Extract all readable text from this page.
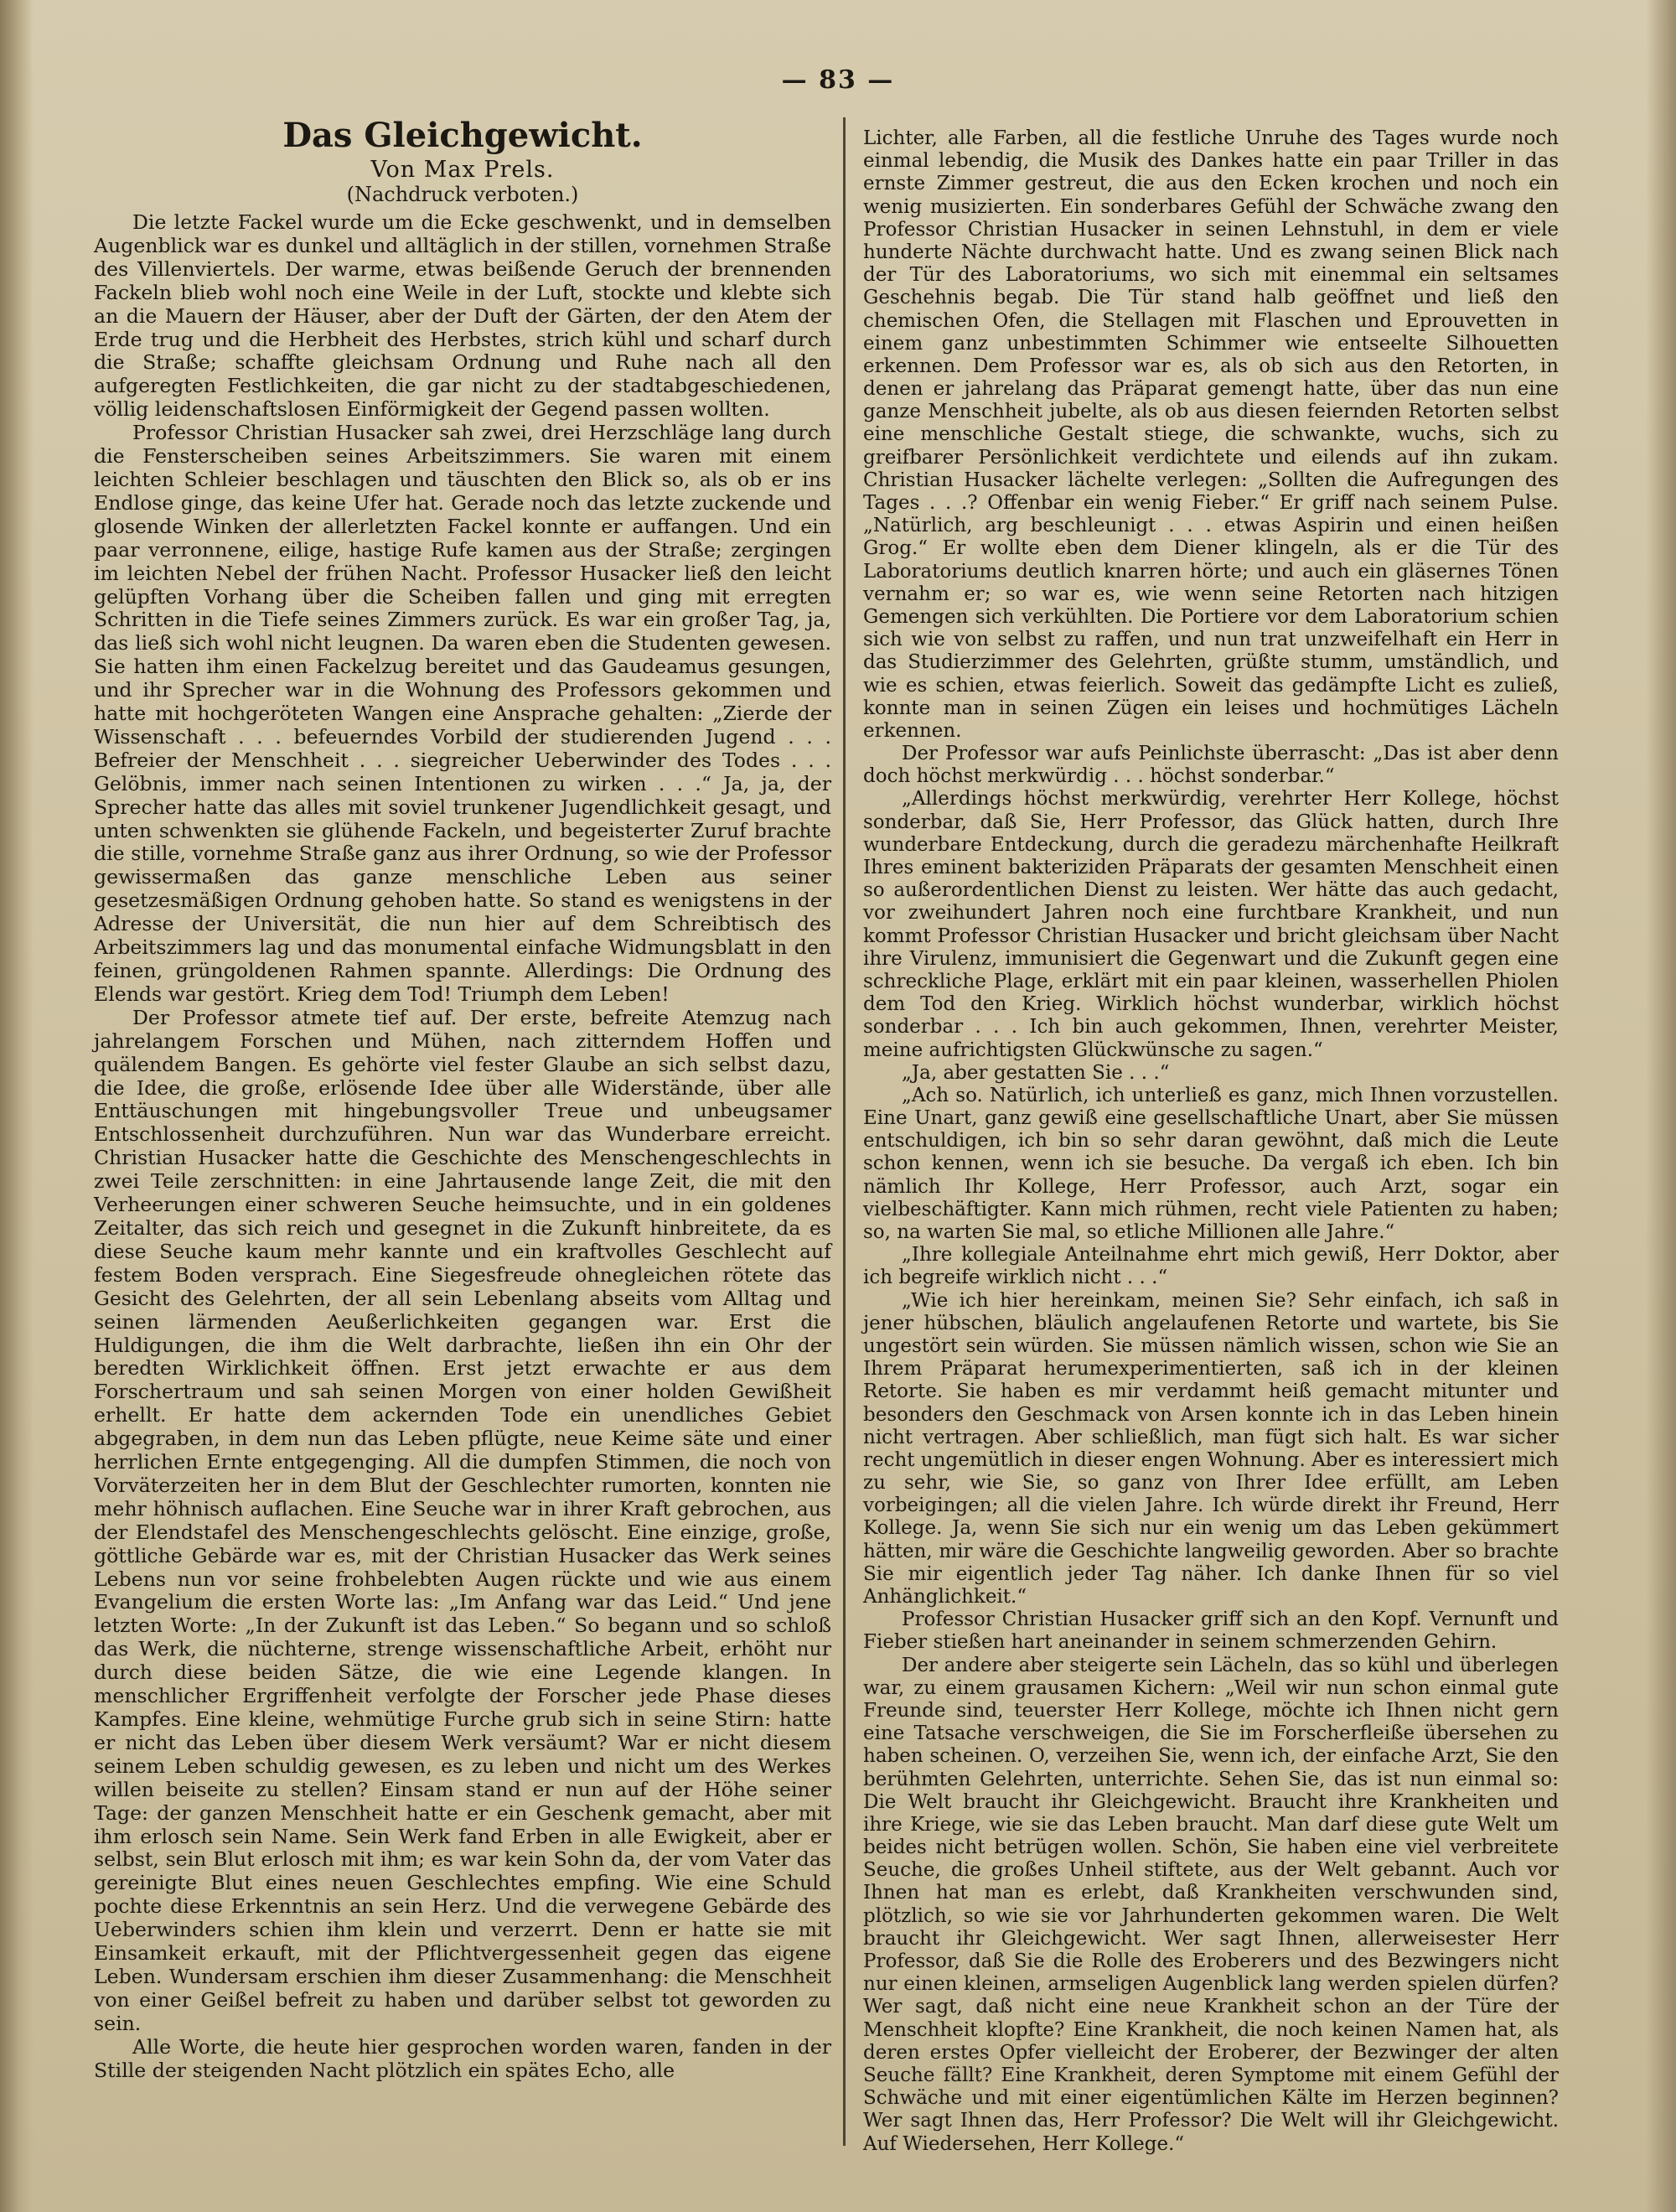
— 83 —
Das Gleichgewicht.

Von Max Prels.

(Nachdruck verboten.)

Die letzte Fackel wurde um die Ecke geschwenkt, und in demselben Augenblick war es dunkel und alltäglich in der stillen, vornehmen Straße des Villenviertels. Der warme, etwas beißende Geruch der brennenden Fackeln blieb wohl noch eine Weile in der Luft, stockte und klebte sich an die Mauern der Häuser, aber der Duft der Gärten, der den Atem der Erde trug und die Herbheit des Herbstes, strich kühl und scharf durch die Straße; schaffte gleichsam Ordnung und Ruhe nach all den aufgeregten Festlichkeiten, die gar nicht zu der stadtabgeschiedenen, völlig leidenschaftslosen Einförmigkeit der Gegend passen wollten.

Professor Christian Husacker sah zwei, drei Herzschläge lang durch die Fensterscheiben seines Arbeitszimmers. Sie waren mit einem leichten Schleier beschlagen und täuschten den Blick so, als ob er ins Endlose ginge, das keine Ufer hat. Gerade noch das letzte zuckende und glosende Winken der allerletzten Fackel konnte er auffangen. Und ein paar verronnene, eilige, hastige Rufe kamen aus der Straße; zergingen im leichten Nebel der frühen Nacht. Professor Husacker ließ den leicht gelüpften Vorhang über die Scheiben fallen und ging mit erregten Schritten in die Tiefe seines Zimmers zurück. Es war ein großer Tag, ja, das ließ sich wohl nicht leugnen. Da waren eben die Studenten gewesen. Sie hatten ihm einen Fackelzug bereitet und das Gaudeamus gesungen, und ihr Sprecher war in die Wohnung des Professors gekommen und hatte mit hochgeröteten Wangen eine Ansprache gehalten: „Zierde der Wissenschaft . . . befeuerndes Vorbild der studierenden Jugend . . . Befreier der Menschheit . . . siegreicher Ueberwinder des Todes . . . Gelöbnis, immer nach seinen Intentionen zu wirken . . .“ Ja, ja, der Sprecher hatte das alles mit soviel trunkener Jugendlichkeit gesagt, und unten schwenkten sie glühende Fackeln, und begeisterter Zuruf brachte die stille, vornehme Straße ganz aus ihrer Ordnung, so wie der Professor gewissermaßen das ganze menschliche Leben aus seiner gesetzesmäßigen Ordnung gehoben hatte. So stand es wenigstens in der Adresse der Universität, die nun hier auf dem Schreibtisch des Arbeitszimmers lag und das monumental einfache Widmungsblatt in den feinen, grüngoldenen Rahmen spannte. Allerdings: Die Ordnung des Elends war gestört. Krieg dem Tod! Triumph dem Leben!

Der Professor atmete tief auf. Der erste, befreite Atemzug nach jahrelangem Forschen und Mühen, nach zitterndem Hoffen und quälendem Bangen. Es gehörte viel fester Glaube an sich selbst dazu, die Idee, die große, erlösende Idee über alle Widerstände, über alle Enttäuschungen mit hingebungsvoller Treue und unbeugsamer Entschlossenheit durchzuführen. Nun war das Wunderbare erreicht. Christian Husacker hatte die Geschichte des Menschengeschlechts in zwei Teile zerschnitten: in eine Jahrtausende lange Zeit, die mit den Verheerungen einer schweren Seuche heimsuchte, und in ein goldenes Zeitalter, das sich reich und gesegnet in die Zukunft hinbreitete, da es diese Seuche kaum mehr kannte und ein kraftvolles Geschlecht auf festem Boden versprach. Eine Siegesfreude ohnegleichen rötete das Gesicht des Gelehrten, der all sein Lebenlang abseits vom Alltag und seinen lärmenden Aeußerlichkeiten gegangen war. Erst die Huldigungen, die ihm die Welt darbrachte, ließen ihn ein Ohr der beredten Wirklichkeit öffnen. Erst jetzt erwachte er aus dem Forschertraum und sah seinen Morgen von einer holden Gewißheit erhellt. Er hatte dem ackernden Tode ein unendliches Gebiet abgegraben, in dem nun das Leben pflügte, neue Keime säte und einer herrlichen Ernte entgegenging. All die dumpfen Stimmen, die noch von Vorväterzeiten her in dem Blut der Geschlechter rumorten, konnten nie mehr höhnisch auflachen. Eine Seuche war in ihrer Kraft gebrochen, aus der Elendstafel des Menschengeschlechts gelöscht. Eine einzige, große, göttliche Gebärde war es, mit der Christian Husacker das Werk seines Lebens nun vor seine frohbelebten Augen rückte und wie aus einem Evangelium die ersten Worte las: „Im Anfang war das Leid.“ Und jene letzten Worte: „In der Zukunft ist das Leben.“ So begann und so schloß das Werk, die nüchterne, strenge wissenschaftliche Arbeit, erhöht nur durch diese beiden Sätze, die wie eine Legende klangen. In menschlicher Ergriffenheit verfolgte der Forscher jede Phase dieses Kampfes. Eine kleine, wehmütige Furche grub sich in seine Stirn: hatte er nicht das Leben über diesem Werk versäumt? War er nicht diesem seinem Leben schuldig gewesen, es zu leben und nicht um des Werkes willen beiseite zu stellen? Einsam stand er nun auf der Höhe seiner Tage: der ganzen Menschheit hatte er ein Geschenk gemacht, aber mit ihm erlosch sein Name. Sein Werk fand Erben in alle Ewigkeit, aber er selbst, sein Blut erlosch mit ihm; es war kein Sohn da, der vom Vater das gereinigte Blut eines neuen Geschlechtes empfing. Wie eine Schuld pochte diese Erkenntnis an sein Herz. Und die verwegene Gebärde des Ueberwinders schien ihm klein und verzerrt. Denn er hatte sie mit Einsamkeit erkauft, mit der Pflichtvergessenheit gegen das eigene Leben. Wundersam erschien ihm dieser Zusammenhang: die Menschheit von einer Geißel befreit zu haben und darüber selbst tot geworden zu sein.

Alle Worte, die heute hier gesprochen worden waren, fanden in der Stille der steigenden Nacht plötzlich ein spätes Echo, alle

Lichter, alle Farben, all die festliche Unruhe des Tages wurde noch einmal lebendig, die Musik des Dankes hatte ein paar Triller in das ernste Zimmer gestreut, die aus den Ecken krochen und noch ein wenig musizierten. Ein sonderbares Gefühl der Schwäche zwang den Professor Christian Husacker in seinen Lehnstuhl, in dem er viele hunderte Nächte durchwacht hatte. Und es zwang seinen Blick nach der Tür des Laboratoriums, wo sich mit einemmal ein seltsames Geschehnis begab. Die Tür stand halb geöffnet und ließ den chemischen Ofen, die Stellagen mit Flaschen und Eprouvetten in einem ganz unbestimmten Schimmer wie entseelte Silhouetten erkennen. Dem Professor war es, als ob sich aus den Retorten, in denen er jahrelang das Präparat gemengt hatte, über das nun eine ganze Menschheit jubelte, als ob aus diesen feiernden Retorten selbst eine menschliche Gestalt stiege, die schwankte, wuchs, sich zu greifbarer Persönlichkeit verdichtete und eilends auf ihn zukam. Christian Husacker lächelte verlegen: „Sollten die Aufregungen des Tages . . .? Offenbar ein wenig Fieber.“ Er griff nach seinem Pulse. „Natürlich, arg beschleunigt . . . etwas Aspirin und einen heißen Grog.“ Er wollte eben dem Diener klingeln, als er die Tür des Laboratoriums deutlich knarren hörte; und auch ein gläsernes Tönen vernahm er; so war es, wie wenn seine Retorten nach hitzigen Gemengen sich verkühlten. Die Portiere vor dem Laboratorium schien sich wie von selbst zu raffen, und nun trat unzweifelhaft ein Herr in das Studierzimmer des Gelehrten, grüßte stumm, umständlich, und wie es schien, etwas feierlich. Soweit das gedämpfte Licht es zuließ, konnte man in seinen Zügen ein leises und hochmütiges Lächeln erkennen.

Der Professor war aufs Peinlichste überrascht: „Das ist aber denn doch höchst merkwürdig . . . höchst sonderbar.“

„Allerdings höchst merkwürdig, verehrter Herr Kollege, höchst sonderbar, daß Sie, Herr Professor, das Glück hatten, durch Ihre wunderbare Entdeckung, durch die geradezu märchenhafte Heilkraft Ihres eminent bakteriziden Präparats der gesamten Menschheit einen so außerordentlichen Dienst zu leisten. Wer hätte das auch gedacht, vor zweihundert Jahren noch eine furchtbare Krankheit, und nun kommt Professor Christian Husacker und bricht gleichsam über Nacht ihre Virulenz, immunisiert die Gegenwart und die Zukunft gegen eine schreckliche Plage, erklärt mit ein paar kleinen, wasserhellen Phiolen dem Tod den Krieg. Wirklich höchst wunderbar, wirklich höchst sonderbar . . . Ich bin auch gekommen, Ihnen, verehrter Meister, meine aufrichtigsten Glückwünsche zu sagen.“

„Ja, aber gestatten Sie . . .“

„Ach so. Natürlich, ich unterließ es ganz, mich Ihnen vorzustellen. Eine Unart, ganz gewiß eine gesellschaftliche Unart, aber Sie müssen entschuldigen, ich bin so sehr daran gewöhnt, daß mich die Leute schon kennen, wenn ich sie besuche. Da vergaß ich eben. Ich bin nämlich Ihr Kollege, Herr Professor, auch Arzt, sogar ein vielbeschäftigter. Kann mich rühmen, recht viele Patienten zu haben; so, na warten Sie mal, so etliche Millionen alle Jahre.“

„Ihre kollegiale Anteilnahme ehrt mich gewiß, Herr Doktor, aber ich begreife wirklich nicht . . .“

„Wie ich hier hereinkam, meinen Sie? Sehr einfach, ich saß in jener hübschen, bläulich angelaufenen Retorte und wartete, bis Sie ungestört sein würden. Sie müssen nämlich wissen, schon wie Sie an Ihrem Präparat herumexperimentierten, saß ich in der kleinen Retorte. Sie haben es mir verdammt heiß gemacht mitunter und besonders den Geschmack von Arsen konnte ich in das Leben hinein nicht vertragen. Aber schließlich, man fügt sich halt. Es war sicher recht ungemütlich in dieser engen Wohnung. Aber es interessiert mich zu sehr, wie Sie, so ganz von Ihrer Idee erfüllt, am Leben vorbeigingen; all die vielen Jahre. Ich würde direkt ihr Freund, Herr Kollege. Ja, wenn Sie sich nur ein wenig um das Leben gekümmert hätten, mir wäre die Geschichte langweilig geworden. Aber so brachte Sie mir eigentlich jeder Tag näher. Ich danke Ihnen für so viel Anhänglichkeit.“

Professor Christian Husacker griff sich an den Kopf. Vernunft und Fieber stießen hart aneinander in seinem schmerzenden Gehirn.

Der andere aber steigerte sein Lächeln, das so kühl und überlegen war, zu einem grausamen Kichern: „Weil wir nun schon einmal gute Freunde sind, teuerster Herr Kollege, möchte ich Ihnen nicht gern eine Tatsache verschweigen, die Sie im Forscherfleiße übersehen zu haben scheinen. O, verzeihen Sie, wenn ich, der einfache Arzt, Sie den berühmten Gelehrten, unterrichte. Sehen Sie, das ist nun einmal so: Die Welt braucht ihr Gleichgewicht. Braucht ihre Krankheiten und ihre Kriege, wie sie das Leben braucht. Man darf diese gute Welt um beides nicht betrügen wollen. Schön, Sie haben eine viel verbreitete Seuche, die großes Unheil stiftete, aus der Welt gebannt. Auch vor Ihnen hat man es erlebt, daß Krankheiten verschwunden sind, plötzlich, so wie sie vor Jahrhunderten gekommen waren. Die Welt braucht ihr Gleichgewicht. Wer sagt Ihnen, allerweisester Herr Professor, daß Sie die Rolle des Eroberers und des Bezwingers nicht nur einen kleinen, armseligen Augenblick lang werden spielen dürfen? Wer sagt, daß nicht eine neue Krankheit schon an der Türe der Menschheit klopfte? Eine Krankheit, die noch keinen Namen hat, als deren erstes Opfer vielleicht der Eroberer, der Bezwinger der alten Seuche fällt? Eine Krankheit, deren Symptome mit einem Gefühl der Schwäche und mit einer eigentümlichen Kälte im Herzen beginnen? Wer sagt Ihnen das, Herr Professor? Die Welt will ihr Gleichgewicht. Auf Wiedersehen, Herr Kollege.“
